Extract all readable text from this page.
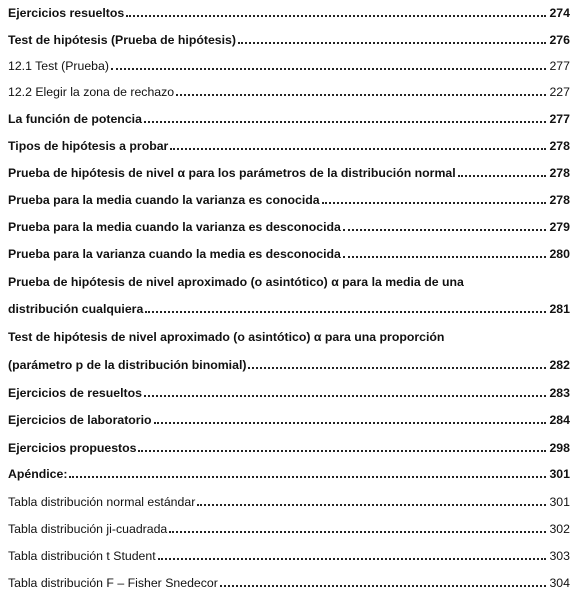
Ejercicios resueltos	274
Test de hipótesis (Prueba de hipótesis)	276
12.1 Test (Prueba)	277
12.2 Elegir la zona de rechazo	227
La función de potencia	277
Tipos de hipótesis a probar	278
Prueba de hipótesis de nivel α para los parámetros de la distribución normal	278
Prueba para la media cuando la varianza es conocida	278
Prueba para la media cuando la varianza es desconocida	279
Prueba para la varianza cuando la media es desconocida	280
Prueba de hipótesis de nivel aproximado (o asintótico) α para la media de una
distribución cualquiera	281
Test de hipótesis de nivel aproximado (o asintótico) α para una proporción
(parámetro p de la distribución binomial)	282
Ejercicios de resueltos	283
Ejercicios de laboratorio	284
Ejercicios propuestos	298
Apéndice:	301
Tabla distribución normal estándar	301
Tabla distribución ji-cuadrada	302
Tabla distribución t Student	303
Tabla distribución F – Fisher Snedecor	304
